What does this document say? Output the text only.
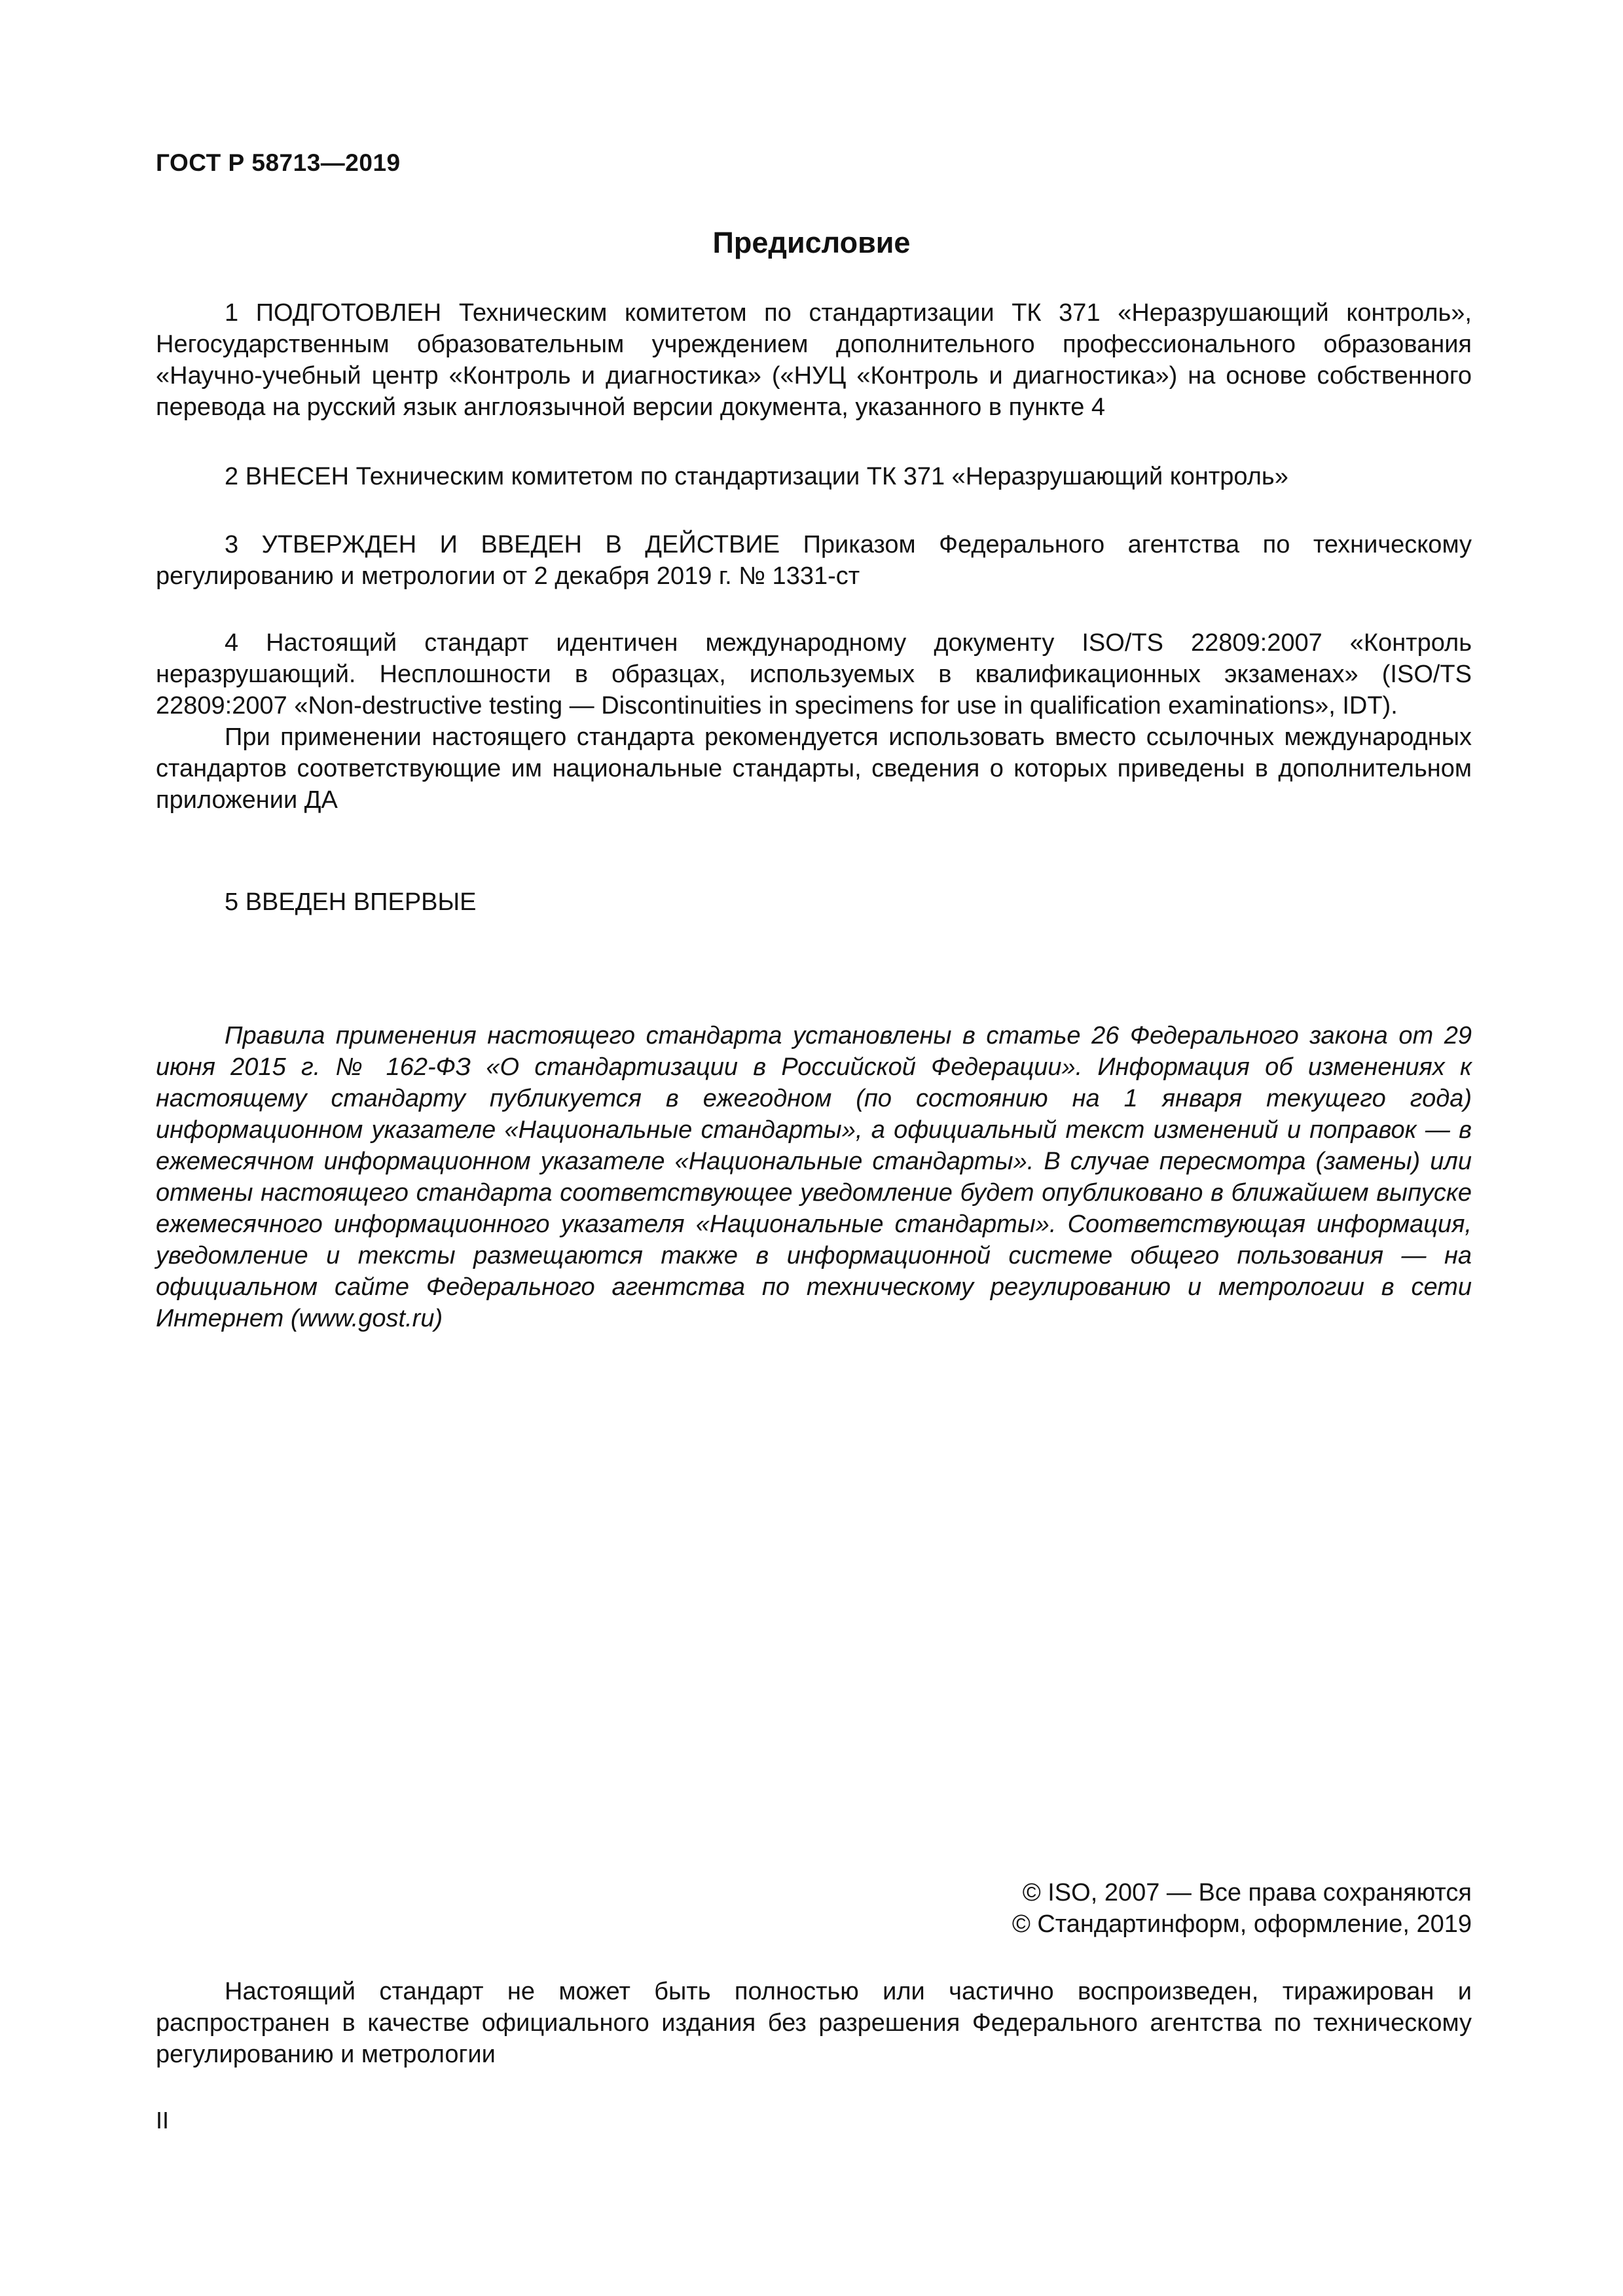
ГОСТ Р 58713—2019
Предисловие

1 ПОДГОТОВЛЕН Техническим комитетом по стандартизации ТК 371 «Неразрушающий контроль», Негосударственным образовательным учреждением дополнительного профессионального образования «Научно-учебный центр «Контроль и диагностика» («НУЦ «Контроль и диагностика») на основе собственного перевода на русский язык англоязычной версии документа, указанного в пункте 4

2 ВНЕСЕН Техническим комитетом по стандартизации ТК 371 «Неразрушающий контроль»

3 УТВЕРЖДЕН И ВВЕДЕН В ДЕЙСТВИЕ Приказом Федерального агентства по техническому регулированию и метрологии от 2 декабря 2019 г. № 1331-ст

4 Настоящий стандарт идентичен международному документу ISO/TS 22809:2007 «Контроль неразрушающий. Несплошности в образцах, используемых в квалификационных экзаменах» (ISO/TS 22809:2007 «Non-destructive testing — Discontinuities in specimens for use in qualification examinations», IDT).

При применении настоящего стандарта рекомендуется использовать вместо ссылочных международных стандартов соответствующие им национальные стандарты, сведения о которых приведены в дополнительном приложении ДА

5 ВВЕДЕН ВПЕРВЫЕ

Правила применения настоящего стандарта установлены в статье 26 Федерального закона от 29 июня 2015 г. № 162-ФЗ «О стандартизации в Российской Федерации». Информация об изменениях к настоящему стандарту публикуется в ежегодном (по состоянию на 1 января текущего года) информационном указателе «Национальные стандарты», а официальный текст изменений и поправок — в ежемесячном информационном указателе «Национальные стандарты». В случае пересмотра (замены) или отмены настоящего стандарта соответствующее уведомление будет опубликовано в ближайшем выпуске ежемесячного информационного указателя «Национальные стандарты». Соответствующая информация, уведомление и тексты размещаются также в информационной системе общего пользования — на официальном сайте Федерального агентства по техническому регулированию и метрологии в сети Интернет (www.gost.ru)

© ISO, 2007 — Все права сохраняются
© Стандартинформ, оформление, 2019

Настоящий стандарт не может быть полностью или частично воспроизведен, тиражирован и распространен в качестве официального издания без разрешения Федерального агентства по техническому регулированию и метрологии

II
